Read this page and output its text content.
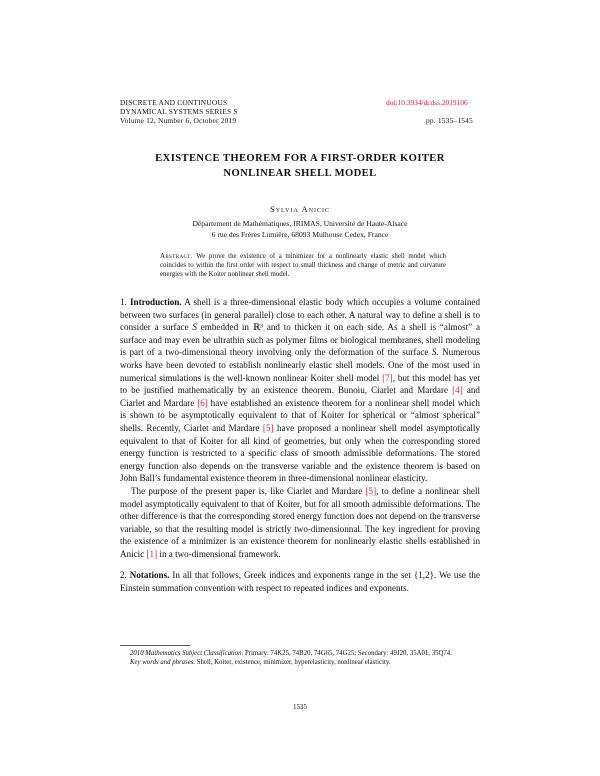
DISCRETE AND CONTINUOUS
DYNAMICAL SYSTEMS SERIES S
Volume 12, Number 6, October 2019
doi:10.3934/dcdss.2019106
pp. 1535–1545
EXISTENCE THEOREM FOR A FIRST-ORDER KOITER
NONLINEAR SHELL MODEL
Sylvia Anicic
Département de Mathématiques, IRIMAS, Université de Haute-Alsace
6 rue des Frères Lumière, 68093 Mulhouse Cedex, France
Abstract. We prove the existence of a minimizer for a nonlinearly elastic shell model which coincides to within the first order with respect to small thickness and change of metric and curvature energies with the Koiter nonlinear shell model.

1. Introduction. A shell is a three-dimensional elastic body which occupies a volume contained between two surfaces (in general parallel) close to each other. A natural way to define a shell is to consider a surface S embedded in ℝ³ and to thicken it on each side. As a shell is “almost” a surface and may even be ultrathin such as polymer films or biological membranes, shell modeling is part of a two-dimensional theory involving only the deformation of the surface S. Numerous works have been devoted to establish nonlinearly elastic shell models. One of the most used in numerical simulations is the well-known nonlinear Koiter shell model [7], but this model has yet to be justified mathematically by an existence theorem. Bunoiu, Ciarlet and Mardare [4] and Ciarlet and Mardare [6] have established an existence theorem for a nonlinear shell model which is shown to be asymptotically equivalent to that of Koiter for spherical or “almost spherical” shells. Recently, Ciarlet and Mardare [5] have proposed a nonlinear shell model asymptotically equivalent to that of Koiter for all kind of geometries, but only when the corresponding stored energy function is restricted to a specific class of smooth admissible deformations. The stored energy function also depends on the transverse variable and the existence theorem is based on John Ball’s fundamental existence theorem in three-dimensional nonlinear elasticity.

The purpose of the present paper is, like Ciarlet and Mardare [5], to define a nonlinear shell model asymptotically equivalent to that of Koiter, but for all smooth admissible deformations. The other difference is that the corresponding stored energy function does not depend on the transverse variable, so that the resulting model is strictly two-dimensionnal. The key ingredient for proving the existence of a minimizer is an existence theorem for nonlinearly elastic shells established in Anicic [1] in a two-dimensional framework.

2. Notations. In all that follows, Greek indices and exponents range in the set {1,2}. We use the Einstein summation convention with respect to repeated indices and exponents.

2010 Mathematics Subject Classification. Primary: 74K25, 74B20, 74G65, 74G25; Secondary: 49J20, 35A01, 35Q74.

Key words and phrases. Shell, Koiter, existence, minimizer, hyperelasticity, nonlinear elasticity.

1535
